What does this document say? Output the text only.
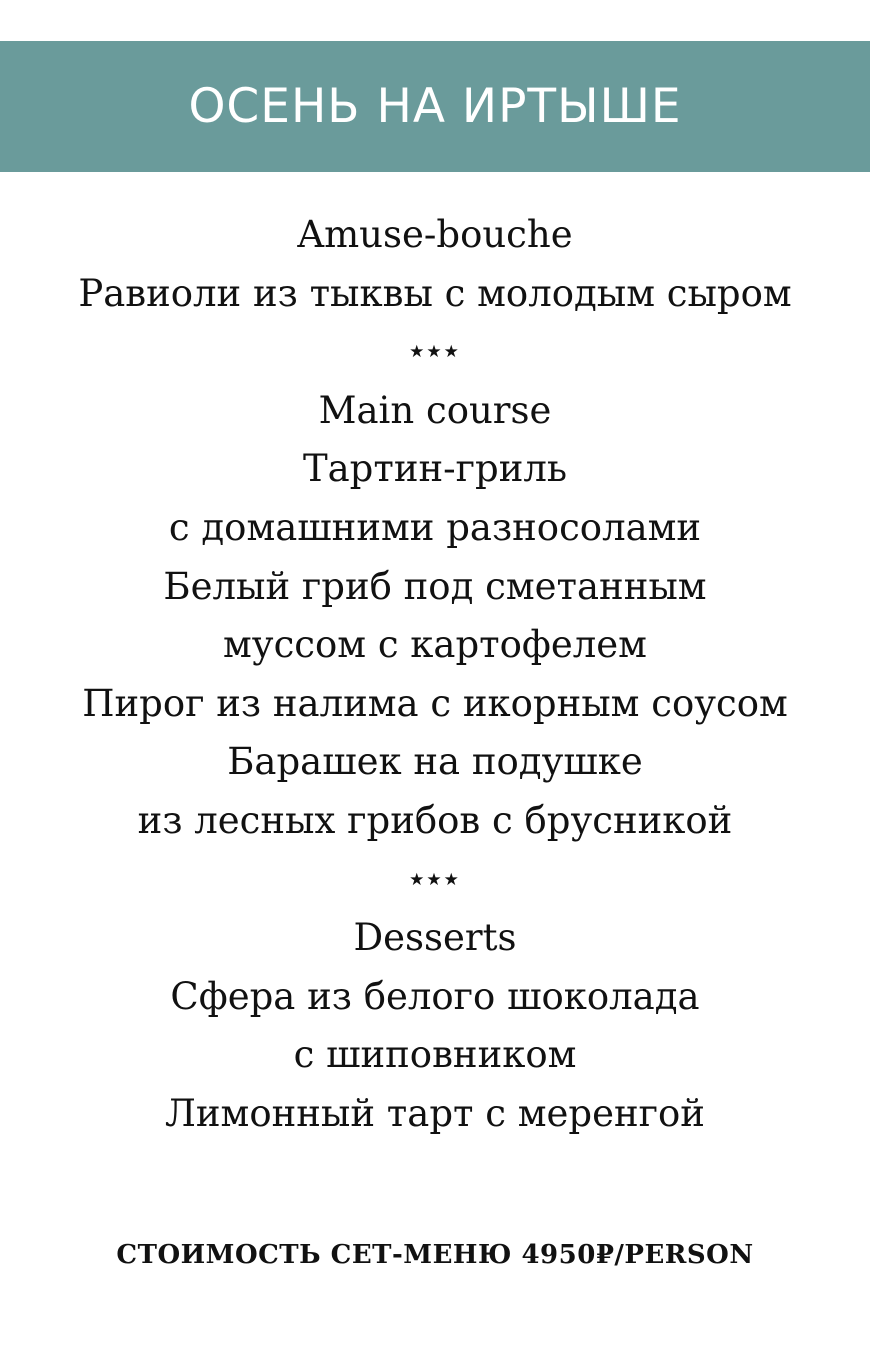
ОСЕНЬ НА ИРТЫШЕ
Amuse-bouche
Равиоли из тыквы с молодым сыром
★★★
Main course
Тартин-гриль
с домашними разносолами
Белый гриб под сметанным
муссом с картофелем
Пирог из налима с икорным соусом
Барашек на подушке
из лесных грибов с брусникой
★★★
Desserts
Сфера из белого шоколада
с шиповником
Лимонный тарт с меренгой
СТОИМОСТЬ СЕТ-МЕНЮ 4950₽/PERSON
